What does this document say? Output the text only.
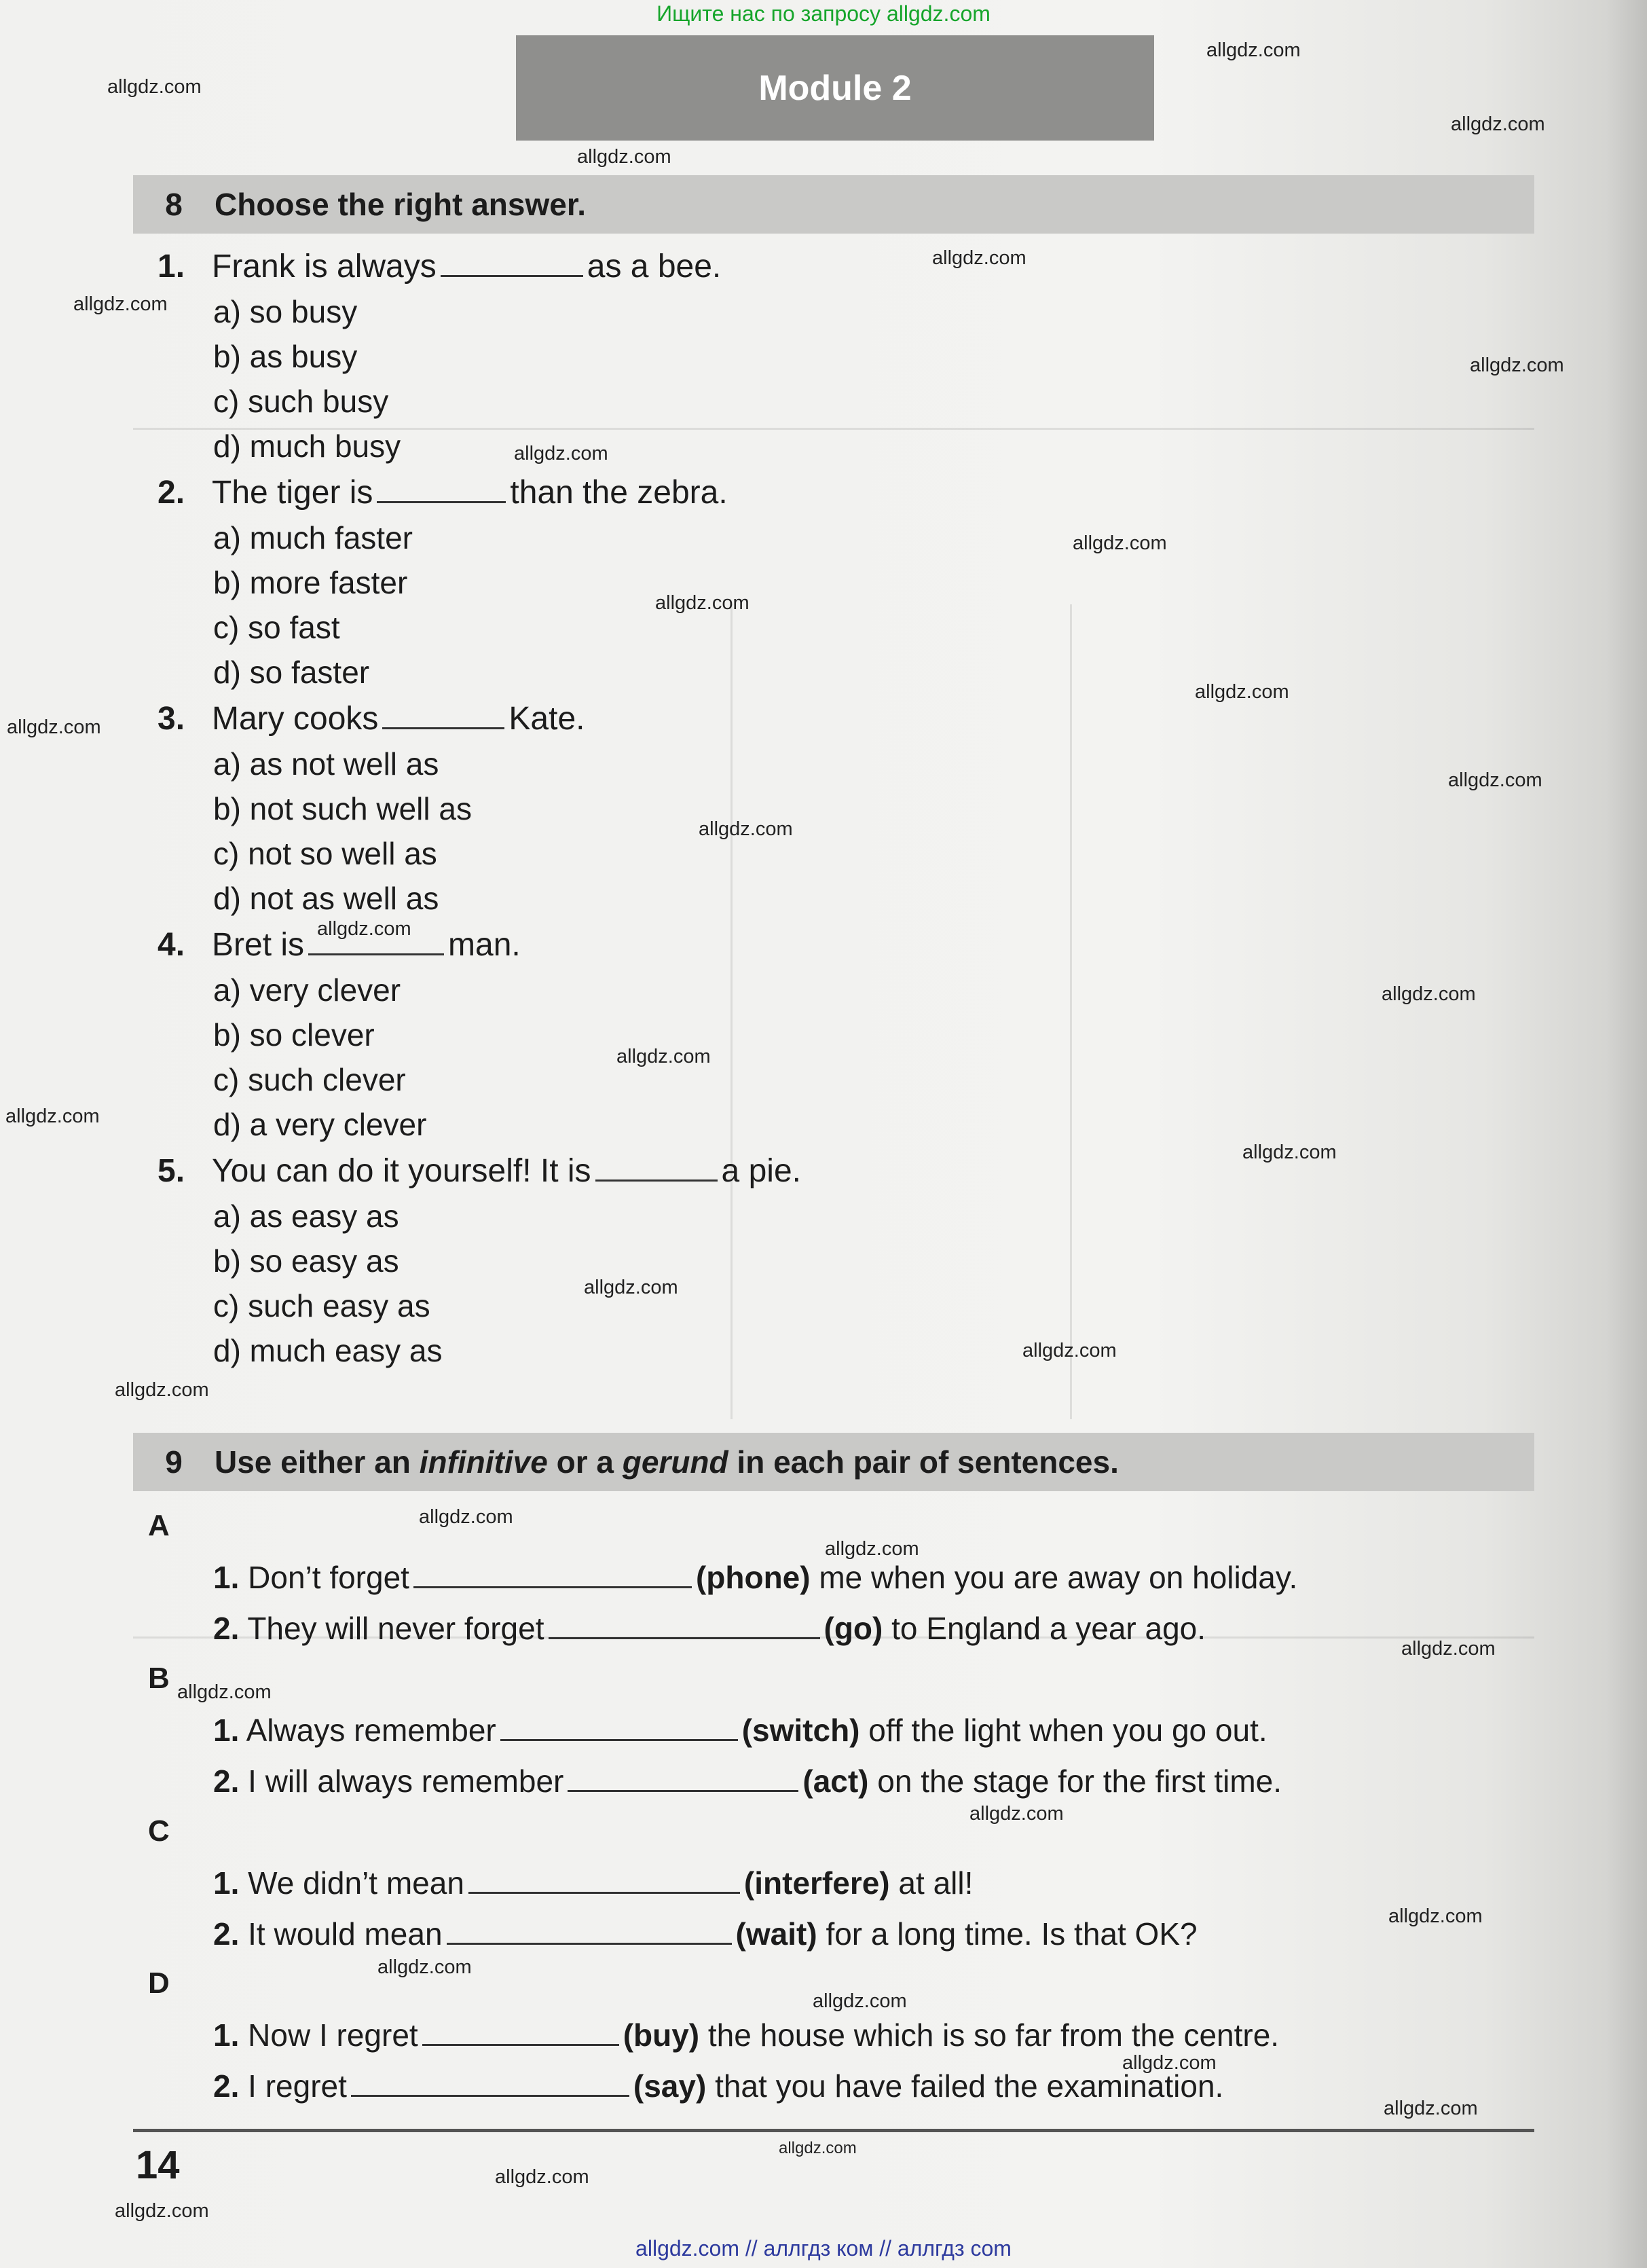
Ищите нас по запросу allgdz.com
Module 2
8	Choose the right answer.
1. Frank is always	as a bee.
a) so busy
b) as busy
c) such busy
d) much busy
2. The tiger is	than the zebra.
a) much faster
b) more faster
c) so fast
d) so faster
3. Mary cooks	Kate.
a) as not well as
b) not such well as
c) not so well as
d) not as well as
4. Bret is	man.
a) very clever
b) so clever
c) such clever
d) a very clever
5. You can do it yourself! It is	a pie.
a) as easy as
b) so easy as
c) such easy as
d) much easy as
9	Use either an infinitive or a gerund in each pair of sentences.
A
1. Don’t forget	(phone) me when you are away on holiday.
2. They will never forget	(go) to England a year ago.
B
1. Always remember	(switch) off the light when you go out.
2. I will always remember	(act) on the stage for the first time.
C
1. We didn’t mean	(interfere) at all!
2. It would mean	(wait) for a long time. Is that OK?
D
1. Now I regret	(buy) the house which is so far from the centre.
2. I regret	(say) that you have failed the examination.
14
allgdz.com
allgdz.com
allgdz.com
allgdz.com
allgdz.com
allgdz.com
allgdz.com
allgdz.com
allgdz.com
allgdz.com
allgdz.com
allgdz.com
allgdz.com
allgdz.com
allgdz.com
allgdz.com
allgdz.com
allgdz.com
allgdz.com
allgdz.com
allgdz.com
allgdz.com
allgdz.com
allgdz.com
allgdz.com
allgdz.com
allgdz.com
allgdz.com
allgdz.com
allgdz.com
allgdz.com
allgdz.com
allgdz.com
allgdz.com
allgdz.com
allgdz.com // аллгдз ком // аллгдз com
